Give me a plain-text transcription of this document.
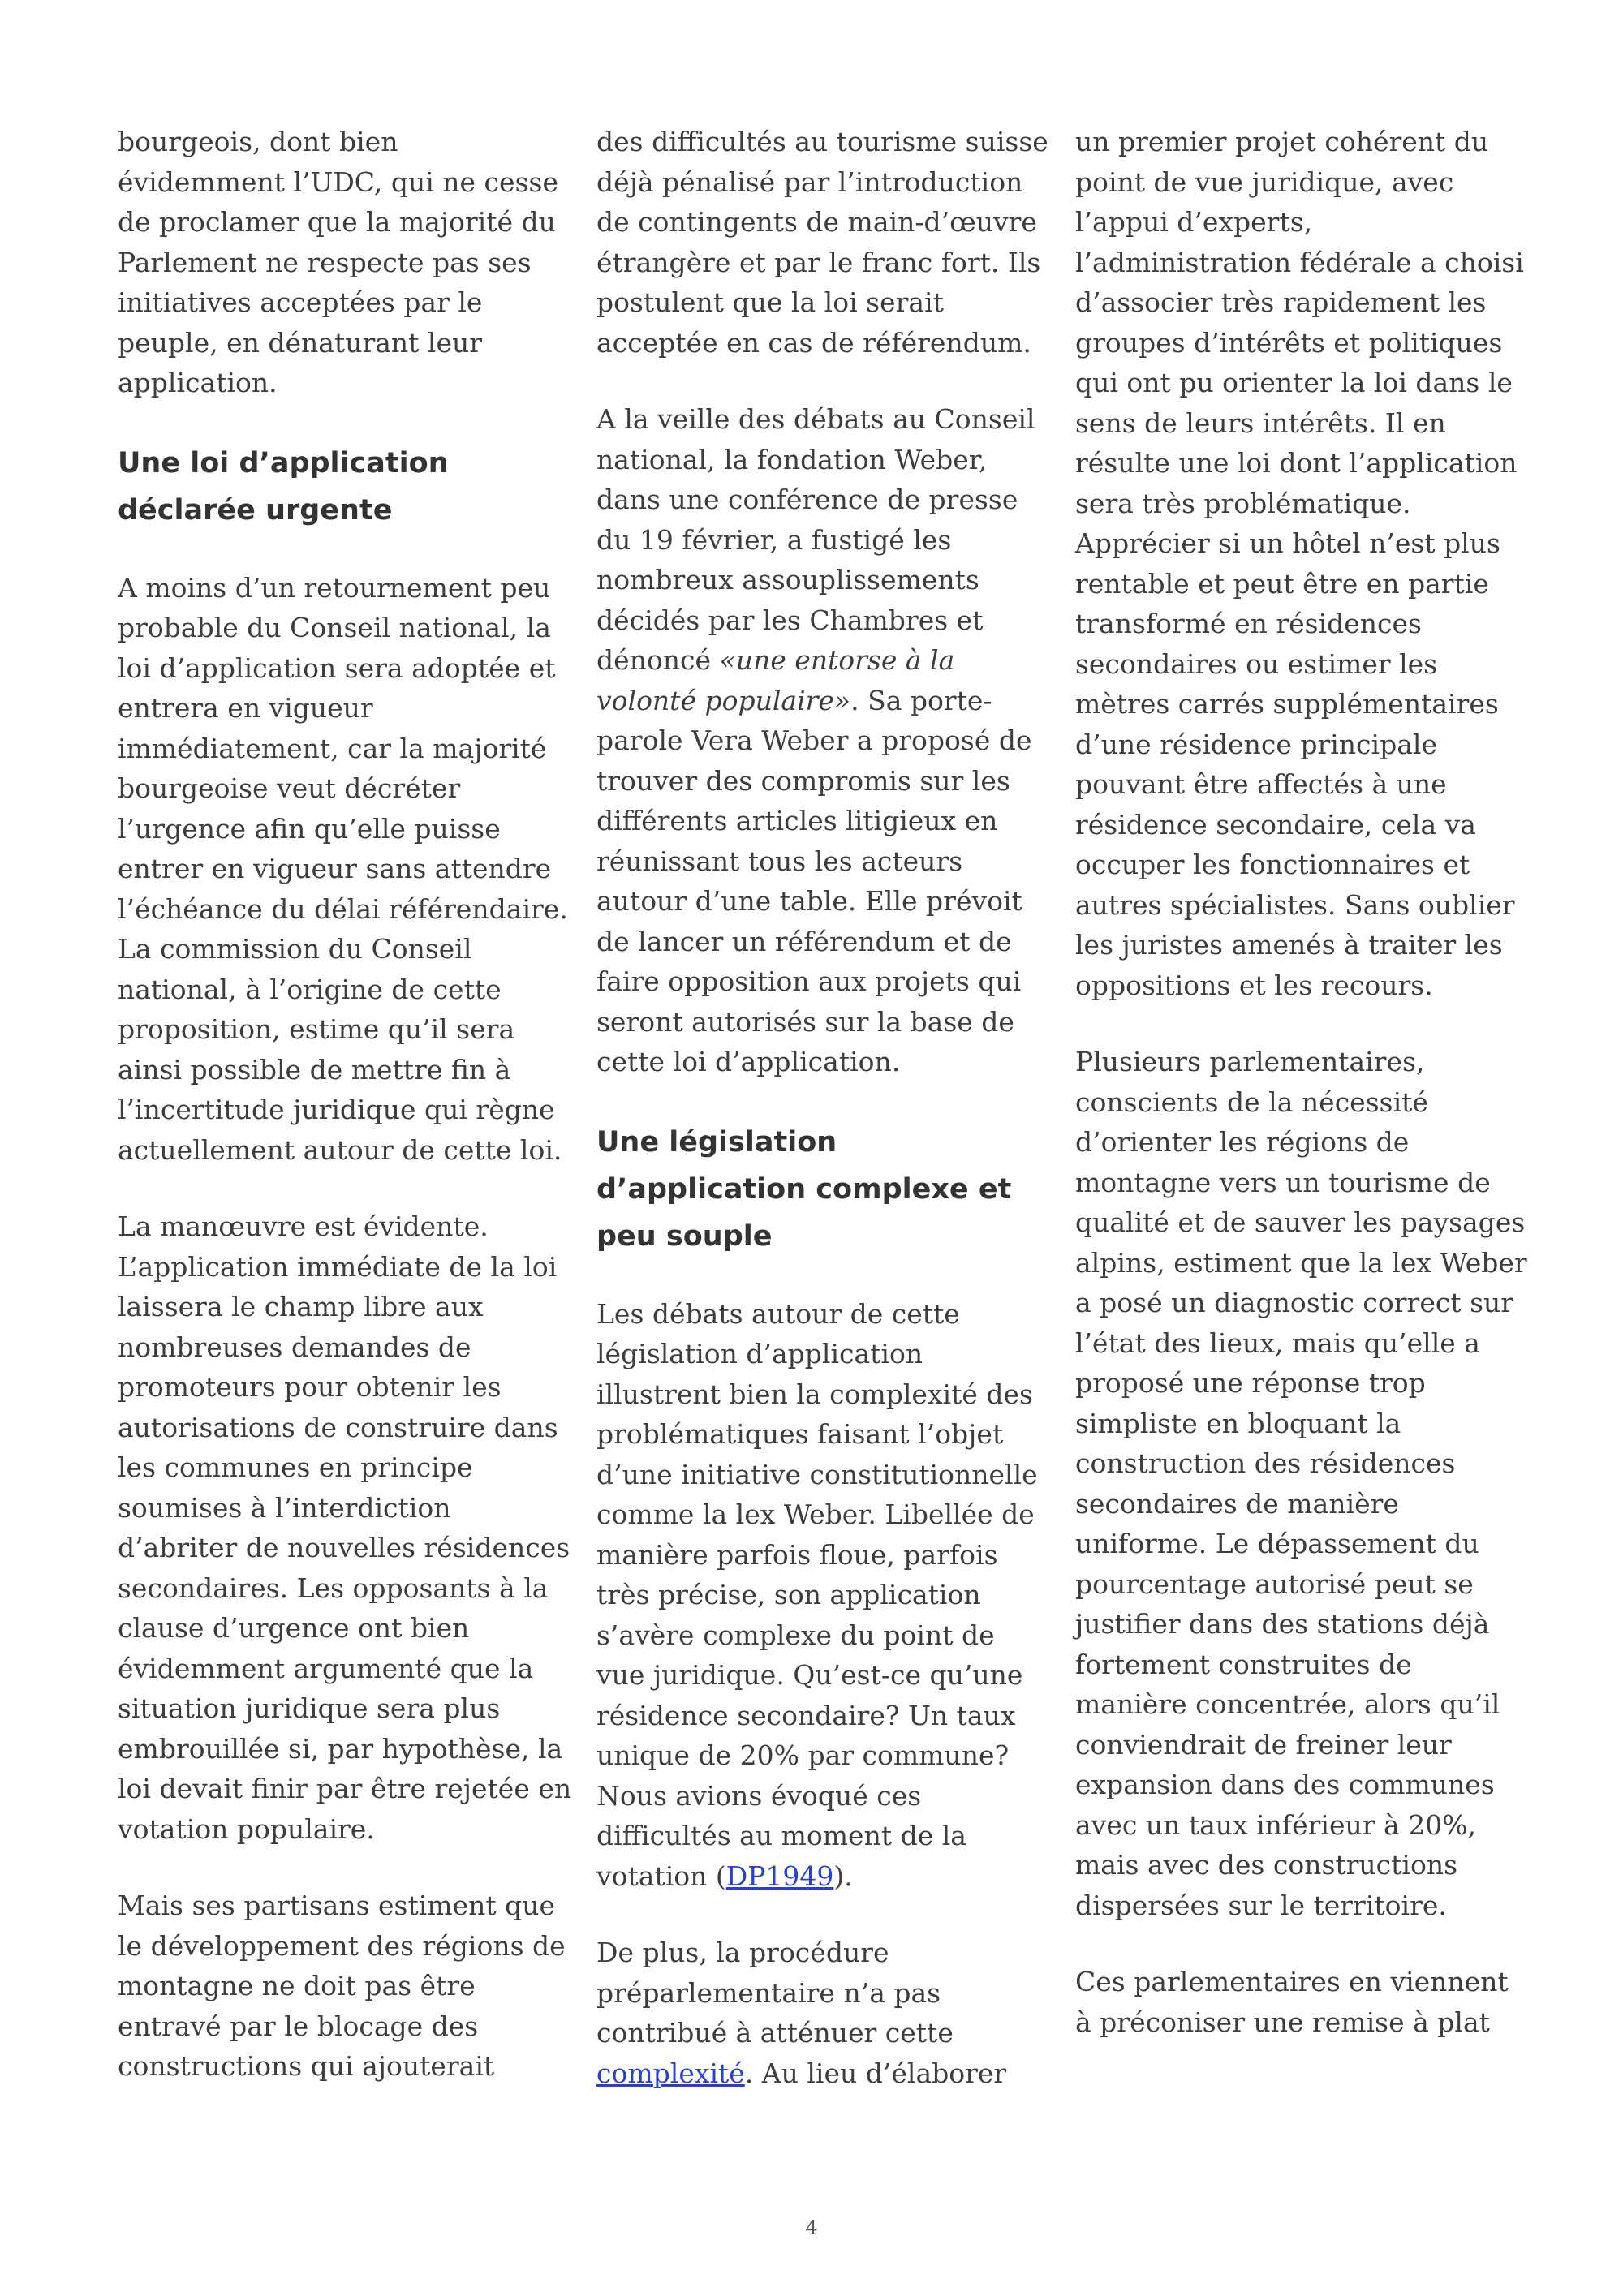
bourgeois, dont bien évidemment l’UDC, qui ne cesse de proclamer que la majorité du Parlement ne respecte pas ses initiatives acceptées par le peuple, en dénaturant leur application.

Une loi d’application déclarée urgente

A moins d’un retournement peu probable du Conseil national, la loi d’application sera adoptée et entrera en vigueur immédiatement, car la majorité bourgeoise veut décréter l’urgence afin qu’elle puisse entrer en vigueur sans attendre l’échéance du délai référendaire. La commission du Conseil national, à l’origine de cette proposition, estime qu’il sera ainsi possible de mettre fin à l’incertitude juridique qui règne actuellement autour de cette loi.

La manœuvre est évidente. L’application immédiate de la loi laissera le champ libre aux nombreuses demandes de promoteurs pour obtenir les autorisations de construire dans les communes en principe soumises à l’interdiction d’abriter de nouvelles résidences secondaires. Les opposants à la clause d’urgence ont bien évidemment argumenté que la situation juridique sera plus embrouillée si, par hypothèse, la loi devait finir par être rejetée en votation populaire.

Mais ses partisans estiment que le développement des régions de montagne ne doit pas être entravé par le blocage des constructions qui ajouterait

des difficultés au tourisme suisse déjà pénalisé par l’introduction de contingents de main-d’œuvre étrangère et par le franc fort. Ils postulent que la loi serait acceptée en cas de référendum.

A la veille des débats au Conseil national, la fondation Weber, dans une conférence de presse du 19 février, a fustigé les nombreux assouplissements décidés par les Chambres et dénoncé «une entorse à la volonté populaire». Sa porte-parole Vera Weber a proposé de trouver des compromis sur les différents articles litigieux en réunissant tous les acteurs autour d’une table. Elle prévoit de lancer un référendum et de faire opposition aux projets qui seront autorisés sur la base de cette loi d’application.

Une législation d’application complexe et peu souple

Les débats autour de cette législation d’application illustrent bien la complexité des problématiques faisant l’objet d’une initiative constitutionnelle comme la lex Weber. Libellée de manière parfois floue, parfois très précise, son application s’avère complexe du point de vue juridique. Qu’est-ce qu’une résidence secondaire? Un taux unique de 20% par commune? Nous avions évoqué ces difficultés au moment de la votation (DP1949).

De plus, la procédure préparlementaire n’a pas contribué à atténuer cette complexité. Au lieu d’élaborer

un premier projet cohérent du point de vue juridique, avec l’appui d’experts, l’administration fédérale a choisi d’associer très rapidement les groupes d’intérêts et politiques qui ont pu orienter la loi dans le sens de leurs intérêts. Il en résulte une loi dont l’application sera très problématique. Apprécier si un hôtel n’est plus rentable et peut être en partie transformé en résidences secondaires ou estimer les mètres carrés supplémentaires d’une résidence principale pouvant être affectés à une résidence secondaire, cela va occuper les fonctionnaires et autres spécialistes. Sans oublier les juristes amenés à traiter les oppositions et les recours.

Plusieurs parlementaires, conscients de la nécessité d’orienter les régions de montagne vers un tourisme de qualité et de sauver les paysages alpins, estiment que la lex Weber a posé un diagnostic correct sur l’état des lieux, mais qu’elle a proposé une réponse trop simpliste en bloquant la construction des résidences secondaires de manière uniforme. Le dépassement du pourcentage autorisé peut se justifier dans des stations déjà fortement construites de manière concentrée, alors qu’il conviendrait de freiner leur expansion dans des communes avec un taux inférieur à 20%, mais avec des constructions dispersées sur le territoire.

Ces parlementaires en viennent à préconiser une remise à plat

4
